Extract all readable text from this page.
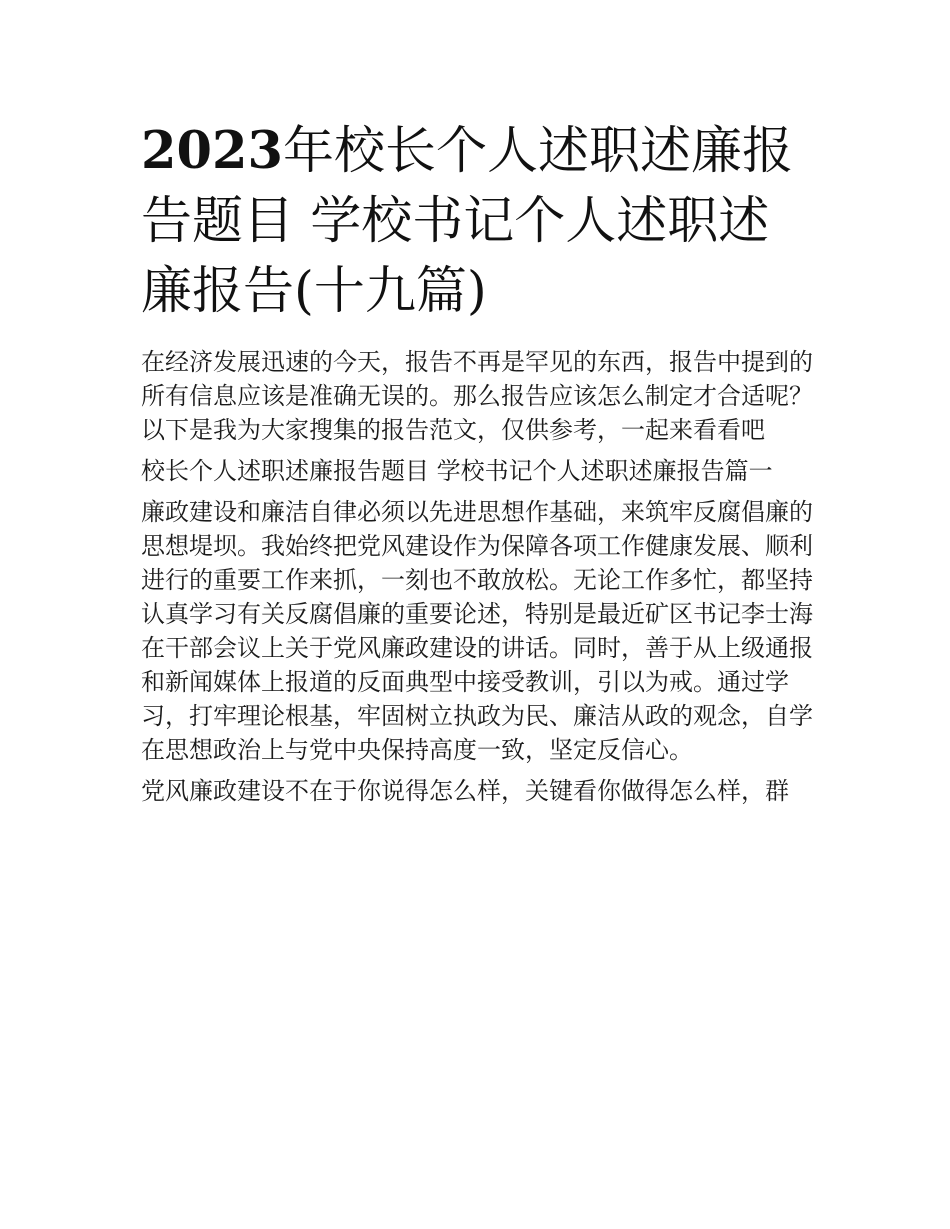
2023年校长个人述职述廉报告题目 学校书记个人述职述廉报告(十九篇)

在经济发展迅速的今天，报告不再是罕见的东西，报告中提到的所有信息应该是准确无误的。那么报告应该怎么制定才合适呢？以下是我为大家搜集的报告范文，仅供参考，一起来看看吧

校长个人述职述廉报告题目 学校书记个人述职述廉报告篇一

廉政建设和廉洁自律必须以先进思想作基础，来筑牢反腐倡廉的思想堤坝。我始终把党风建设作为保障各项工作健康发展、顺利进行的重要工作来抓，一刻也不敢放松。无论工作多忙，都坚持认真学习有关反腐倡廉的重要论述，特别是最近矿区书记李士海在干部会议上关于党风廉政建设的讲话。同时，善于从上级通报和新闻媒体上报道的反面典型中接受教训，引以为戒。通过学习，打牢理论根基，牢固树立执政为民、廉洁从政的观念，自学在思想政治上与党中央保持高度一致，坚定反信心。

党风廉政建设不在于你说得怎么样，关键看你做得怎么样，群
